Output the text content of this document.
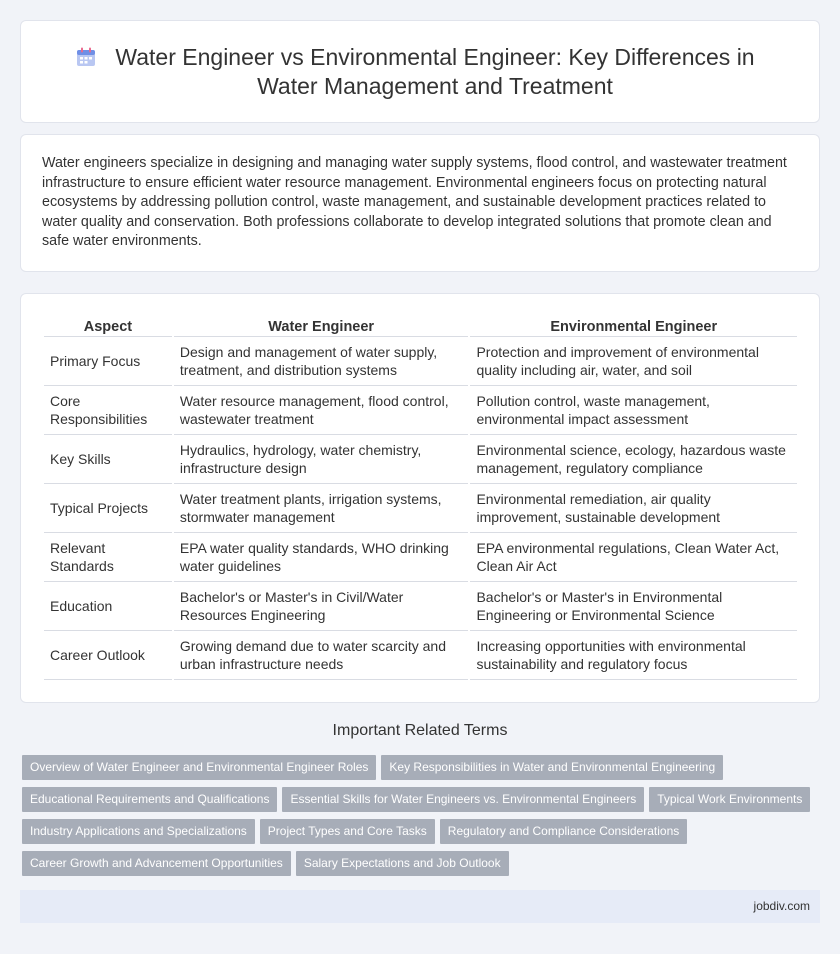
Water Engineer vs Environmental Engineer: Key Differences in Water Management and Treatment

Water engineers specialize in designing and managing water supply systems, flood control, and wastewater treatment infrastructure to ensure efficient water resource management. Environmental engineers focus on protecting natural ecosystems by addressing pollution control, waste management, and sustainable development practices related to water quality and conservation. Both professions collaborate to develop integrated solutions that promote clean and safe water environments.

Aspect	Water Engineer	Environmental Engineer
Primary Focus	Design and management of water supply, treatment, and distribution systems	Protection and improvement of environmental quality including air, water, and soil
Core Responsibilities	Water resource management, flood control, wastewater treatment	Pollution control, waste management, environmental impact assessment
Key Skills	Hydraulics, hydrology, water chemistry, infrastructure design	Environmental science, ecology, hazardous waste management, regulatory compliance
Typical Projects	Water treatment plants, irrigation systems, stormwater management	Environmental remediation, air quality improvement, sustainable development
Relevant Standards	EPA water quality standards, WHO drinking water guidelines	EPA environmental regulations, Clean Water Act, Clean Air Act
Education	Bachelor's or Master's in Civil/Water Resources Engineering	Bachelor's or Master's in Environmental Engineering or Environmental Science
Career Outlook	Growing demand due to water scarcity and urban infrastructure needs	Increasing opportunities with environmental sustainability and regulatory focus
Important Related Terms
Overview of Water Engineer and Environmental Engineer Roles Key Responsibilities in Water and Environmental Engineering
Educational Requirements and Qualifications Essential Skills for Water Engineers vs. Environmental Engineers Typical Work Environments
Industry Applications and Specializations Project Types and Core Tasks Regulatory and Compliance Considerations
Career Growth and Advancement Opportunities Salary Expectations and Job Outlook
jobdiv.com
